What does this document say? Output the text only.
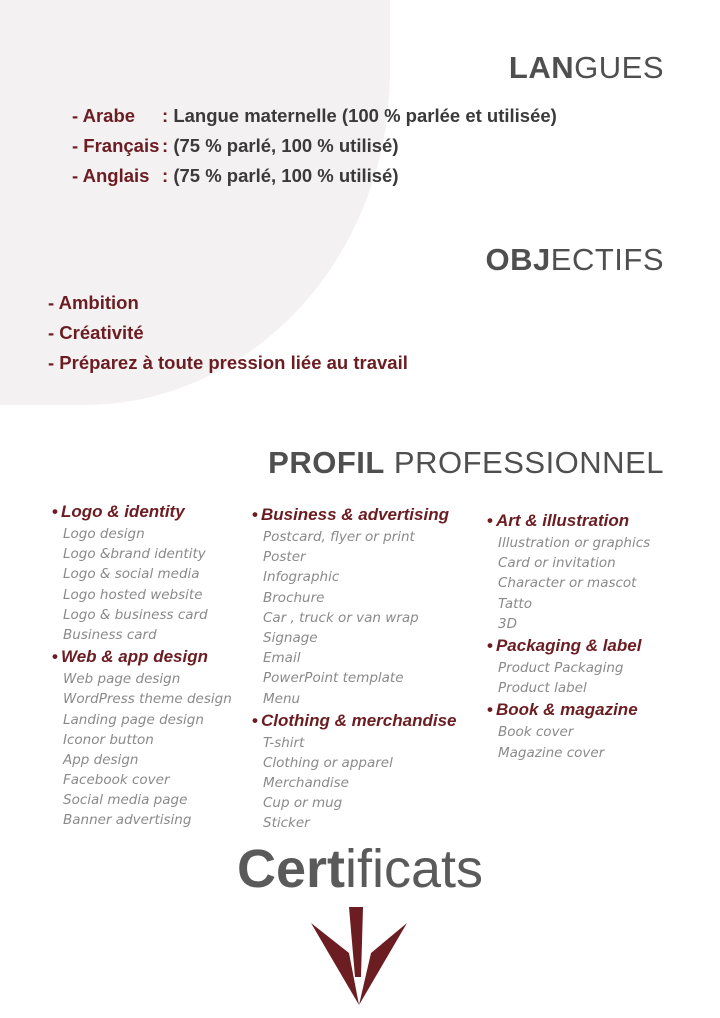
LANGUES
- Arabe : Langue maternelle (100 % parlée et utilisée)
- Français : (75 % parlé, 100 % utilisé)
- Anglais : (75 % parlé, 100 % utilisé)
OBJECTIFS
- Ambition
- Créativité
- Préparez à toute pression liée au travail
PROFIL PROFESSIONNEL
• Logo & identity
Logo design
Logo &brand identity
Logo & social media
Logo hosted website
Logo & business card
Business card
• Web & app design
Web page design
WordPress theme design
Landing page design
Iconor button
App design
Facebook cover
Social media page
Banner advertising
• Business & advertising
Postcard, flyer or print
Poster
Infographic
Brochure
Car , truck or van wrap
Signage
Email
PowerPoint template
Menu
• Clothing & merchandise
T-shirt
Clothing or apparel
Merchandise
Cup or mug
Sticker
• Art & illustration
Illustration or graphics
Card or invitation
Character or mascot
Tatto
3D
• Packaging & label
Product Packaging
Product label
• Book & magazine
Book cover
Magazine cover
Certificats
